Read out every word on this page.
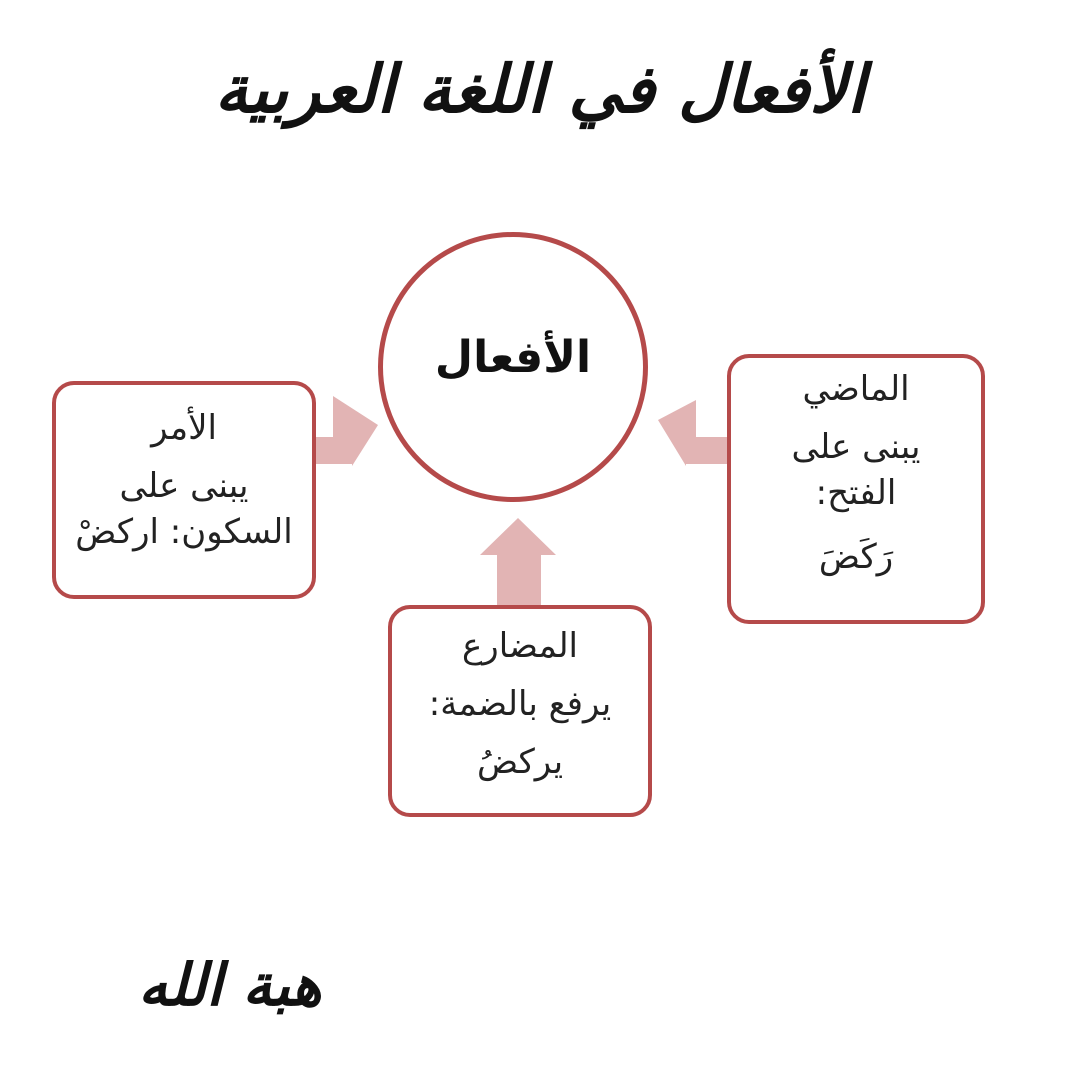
الأفعال في اللغة العربية
الأفعال
الأمر
يبنى على
السكون: اركضْ
الماضي
يبنى على
الفتح:
رَكَضَ
المضارع
يرفع بالضمة:
يركضُ
هبة الله
